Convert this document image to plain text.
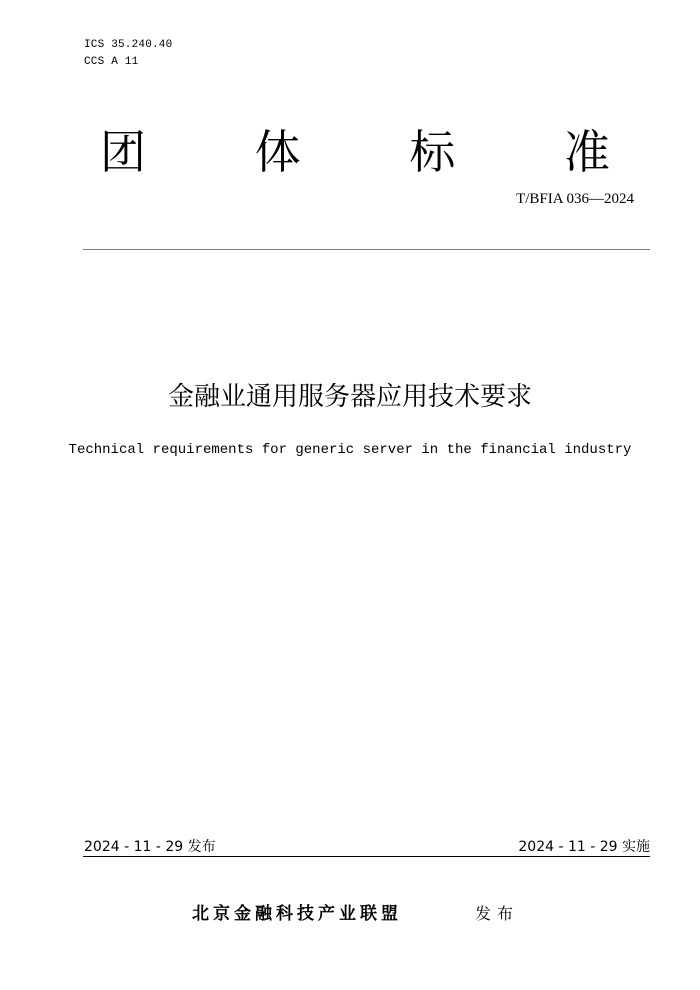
ICS 35.240.40
CCS A 11
团 体 标 准
T/BFIA 036—2024
金融业通用服务器应用技术要求
Technical requirements for generic server in the financial industry
2024 - 11 - 29 发布	2024 - 11 - 29 实施
北京金融科技产业联盟	发布
